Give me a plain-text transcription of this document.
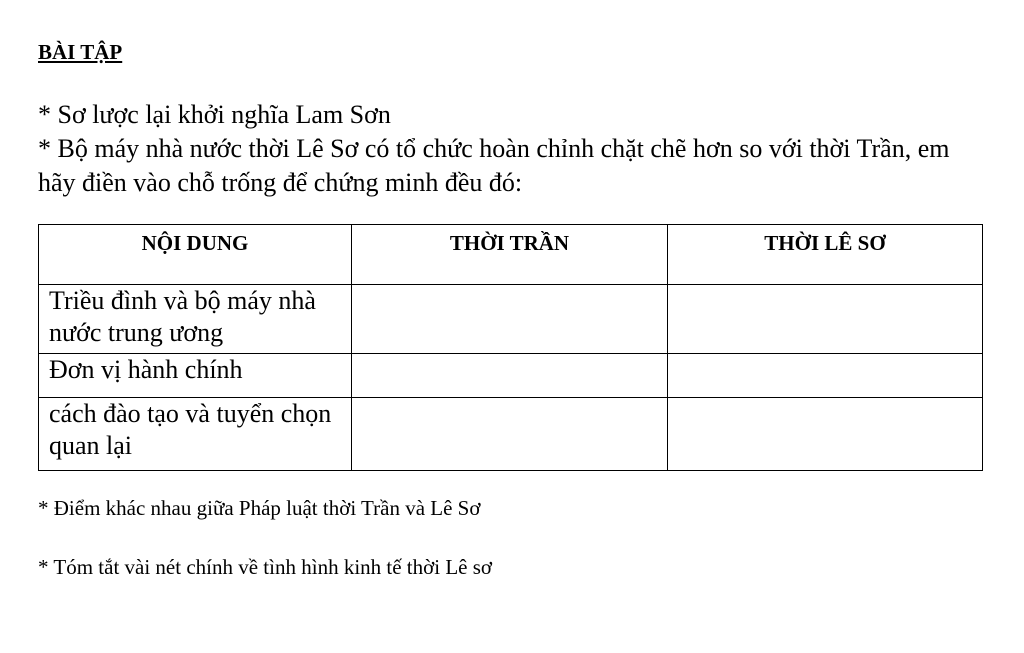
BÀI TẬP

* Sơ lược lại khởi nghĩa Lam Sơn

* Bộ máy nhà nước thời Lê Sơ có tổ chức hoàn chỉnh chặt chẽ hơn so với thời Trần, em hãy điền vào chỗ trống để chứng minh đều đó:

NỘI DUNG	THỜI TRẦN	THỜI LÊ SƠ
Triều đình và bộ máy nhà nước trung ương		
Đơn vị hành chính		
cách đào tạo và tuyển chọn quan lại		
* Điểm khác nhau giữa Pháp luật thời Trần và Lê Sơ
* Tóm tắt vài nét chính về tình hình kinh tế thời Lê sơ
